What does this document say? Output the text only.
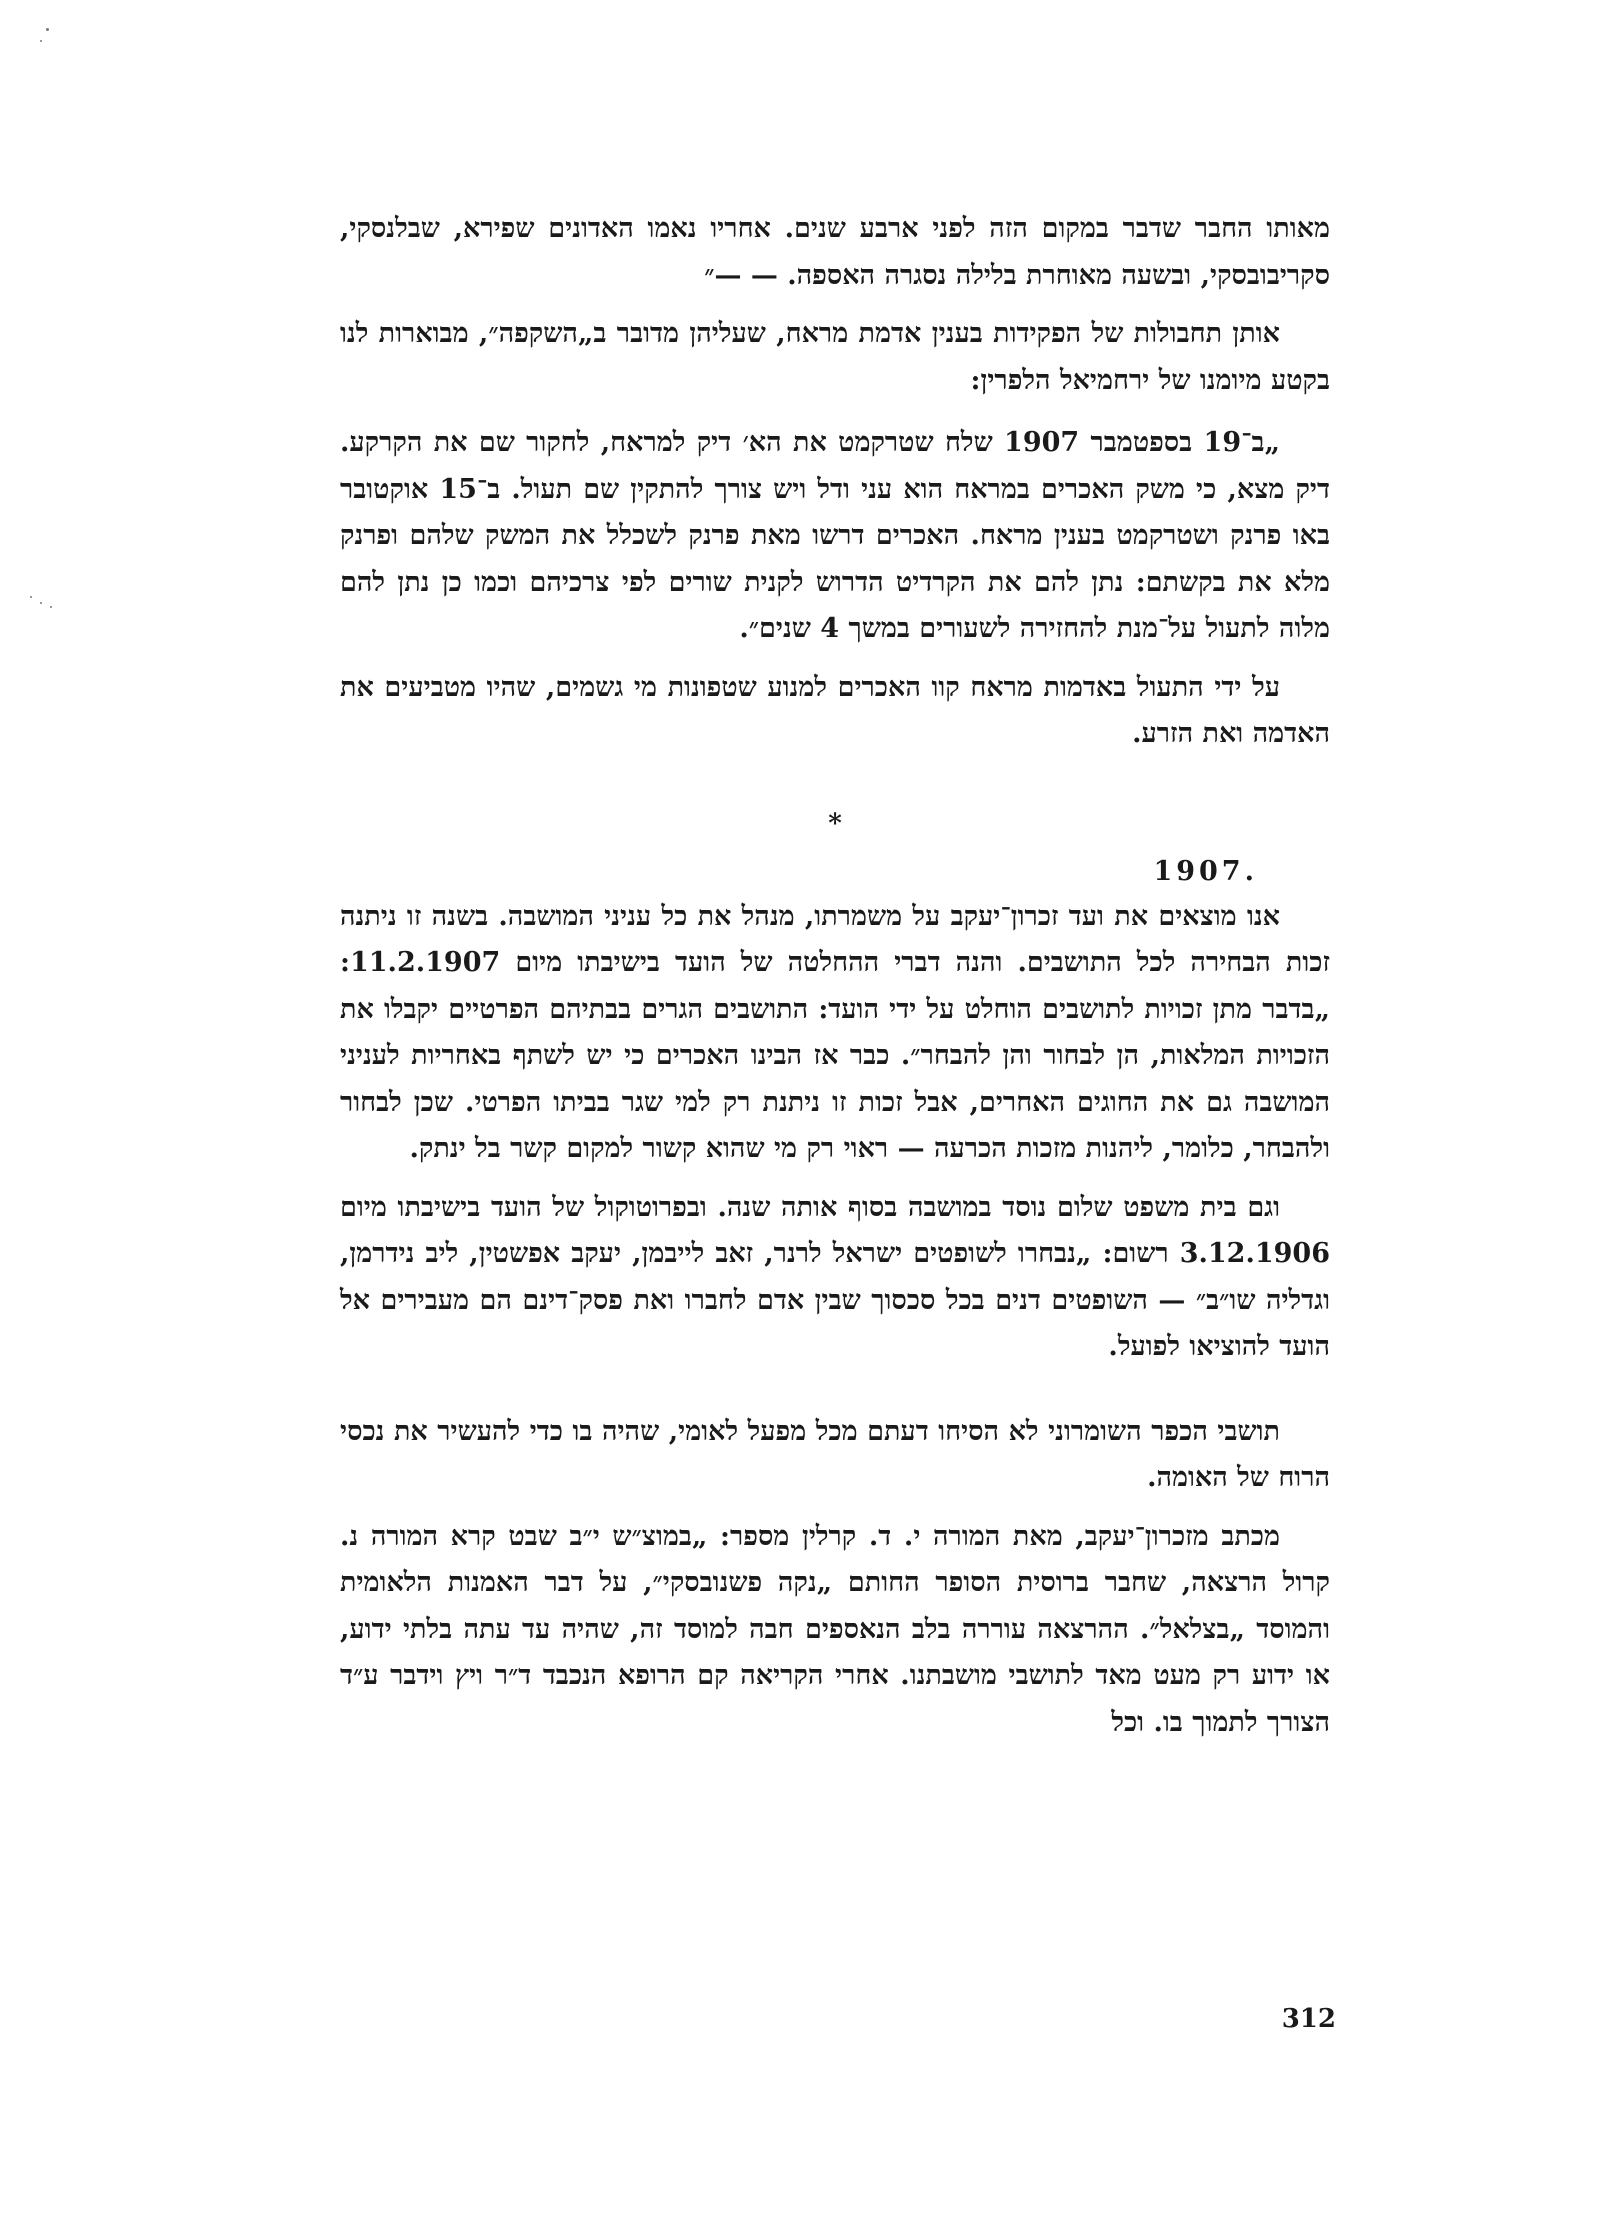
מאותו החבר שדבר במקום הזה לפני ארבע שנים. אחריו נאמו האדונים שפירא, שבלנסקי, סקריבובסקי, ובשעה מאוחרת בלילה נסגרה האספה. — —״

אותן תחבולות של הפקידות בענין אדמת מראח, שעליהן מדובר ב„השקפה״, מבוארות לנו בקטע מיומנו של ירחמיאל הלפרין:

„ב־19 בספטמבר 1907 שלח שטרקמט את הא׳ דיק למראח, לחקור שם את הקרקע. דיק מצא, כי משק האכרים במראח הוא עני ודל ויש צורך להתקין שם תעול. ב־15 אוקטובר באו פרנק ושטרקמט בענין מראח. האכרים דרשו מאת פרנק לשכלל את המשק שלהם ופרנק מלא את בקשתם: נתן להם את הקרדיט הדרוש לקנית שורים לפי צרכיהם וכמו כן נתן להם מלוה לתעול על־מנת להחזירה לשעורים במשך 4 שנים״.

על ידי התעול באדמות מראח קוו האכרים למנוע שטפונות מי גשמים, שהיו מטביעים את האדמה ואת הזרע.

*

.1907

אנו מוצאים את ועד זכרון־יעקב על משמרתו, מנהל את כל עניני המושבה. בשנה זו ניתנה זכות הבחירה לכל התושבים. והנה דברי ההחלטה של הועד בישיבתו מיום 11.2.1907: „בדבר מתן זכויות לתושבים הוחלט על ידי הועד: התושבים הגרים בבתיהם הפרטיים יקבלו את הזכויות המלאות, הן לבחור והן להבחר״. כבר אז הבינו האכרים כי יש לשתף באחריות לעניני המושבה גם את החוגים האחרים, אבל זכות זו ניתנת רק למי שגר בביתו הפרטי. שכן לבחור ולהבחר, כלומר, ליהנות מזכות הכרעה — ראוי רק מי שהוא קשור למקום קשר בל ינתק.

וגם בית משפט שלום נוסד במושבה בסוף אותה שנה. ובפרוטוקול של הועד בישיבתו מיום 3.12.1906 רשום: „נבחרו לשופטים ישראל לרנר, זאב לייבמן, יעקב אפשטין, ליב נידרמן, וגדליה שו״ב״ — השופטים דנים בכל סכסוך שבין אדם לחברו ואת פסק־דינם הם מעבירים אל הועד להוציאו לפועל.

תושבי הכפר השומרוני לא הסיחו דעתם מכל מפעל לאומי, שהיה בו כדי להעשיר את נכסי הרוח של האומה.

מכתב מזכרון־יעקב, מאת המורה י. ד. קרלין מספר: „במוצ״ש י״ב שבט קרא המורה נ. קרול הרצאה, שחבר ברוסית הסופר החותם „נקה פשנובסקי״, על דבר האמנות הלאומית והמוסד „בצלאל״. ההרצאה עוררה בלב הנאספים חבה למוסד זה, שהיה עד עתה בלתי ידוע, או ידוע רק מעט מאד לתושבי מושבתנו. אחרי הקריאה קם הרופא הנכבד ד״ר ויץ וידבר ע״ד הצורך לתמוך בו. וכל

312
